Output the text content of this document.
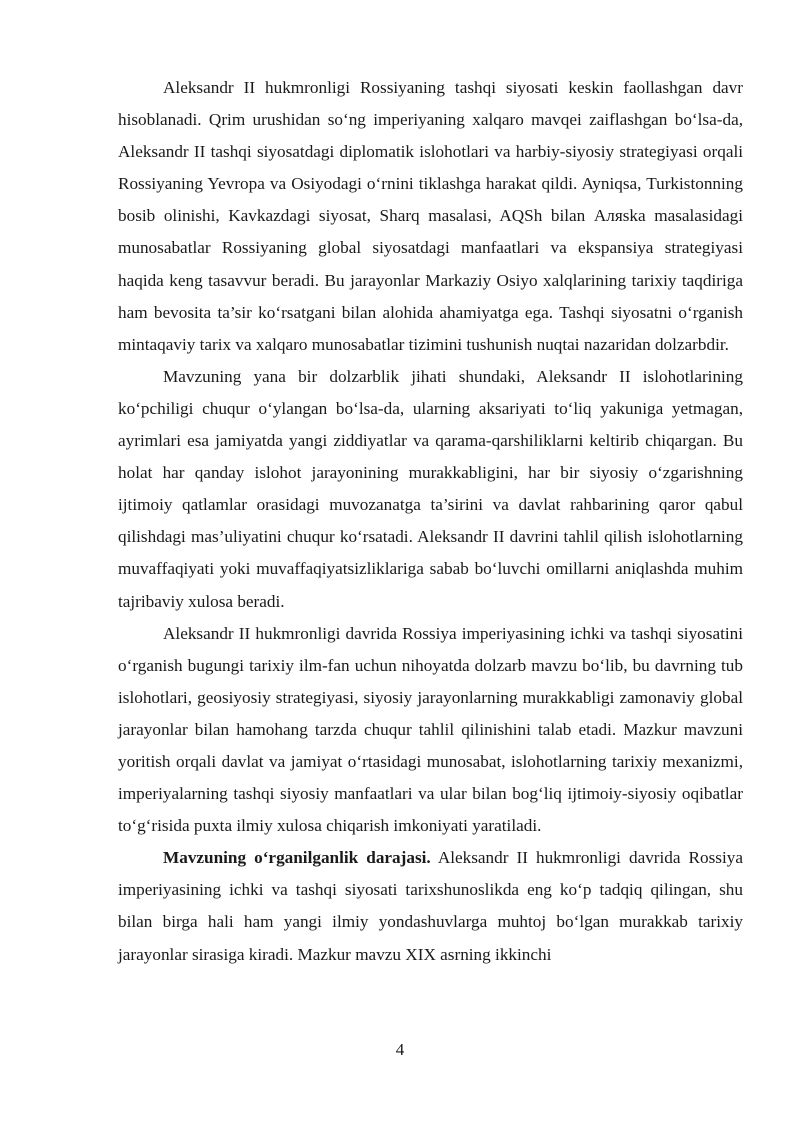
Aleksandr II hukmronligi Rossiyaning tashqi siyosati keskin faollashgan davr hisoblanadi. Qrim urushidan so‘ng imperiyaning xalqaro mavqei zaiflashgan bo‘lsa-da, Aleksandr II tashqi siyosatdagi diplomatik islohotlari va harbiy-siyosiy strategiyasi orqali Rossiyaning Yevropa va Osiyodagi o‘rnini tiklashga harakat qildi. Ayniqsa, Turkistonning bosib olinishi, Kavkazdagi siyosat, Sharq masalasi, AQSh bilan Аляska masalasidagi munosabatlar Rossiyaning global siyosatdagi manfaatlari va ekspansiya strategiyasi haqida keng tasavvur beradi. Bu jarayonlar Markaziy Osiyo xalqlarining tarixiy taqdiriga ham bevosita ta’sir ko‘rsatgani bilan alohida ahamiyatga ega. Tashqi siyosatni o‘rganish mintaqaviy tarix va xalqaro munosabatlar tizimini tushunish nuqtai nazaridan dolzarbdir.

Mavzuning yana bir dolzarblik jihati shundaki, Aleksandr II islohotlarining ko‘pchiligi chuqur o‘ylangan bo‘lsa-da, ularning aksariyati to‘liq yakuniga yetmagan, ayrimlari esa jamiyatda yangi ziddiyatlar va qarama-qarshiliklarni keltirib chiqargan. Bu holat har qanday islohot jarayonining murakkabligini, har bir siyosiy o‘zgarishning ijtimoiy qatlamlar orasidagi muvozanatga ta’sirini va davlat rahbarining qaror qabul qilishdagi mas’uliyatini chuqur ko‘rsatadi. Aleksandr II davrini tahlil qilish islohotlarning muvaffaqiyati yoki muvaffaqiyatsizliklariga sabab bo‘luvchi omillarni aniqlashda muhim tajribaviy xulosa beradi.

Aleksandr II hukmronligi davrida Rossiya imperiyasining ichki va tashqi siyosatini o‘rganish bugungi tarixiy ilm-fan uchun nihoyatda dolzarb mavzu bo‘lib, bu davrning tub islohotlari, geosiyosiy strategiyasi, siyosiy jarayonlarning murakkabligi zamonaviy global jarayonlar bilan hamohang tarzda chuqur tahlil qilinishini talab etadi. Mazkur mavzuni yoritish orqali davlat va jamiyat o‘rtasidagi munosabat, islohotlarning tarixiy mexanizmi, imperiyalarning tashqi siyosiy manfaatlari va ular bilan bog‘liq ijtimoiy-siyosiy oqibatlar to‘g‘risida puxta ilmiy xulosa chiqarish imkoniyati yaratiladi.

Mavzuning o‘rganilganlik darajasi. Aleksandr II hukmronligi davrida Rossiya imperiyasining ichki va tashqi siyosati tarixshunoslikda eng ko‘p tadqiq qilingan, shu bilan birga hali ham yangi ilmiy yondashuvlarga muhtoj bo‘lgan murakkab tarixiy jarayonlar sirasiga kiradi. Mazkur mavzu XIX asrning ikkinchi

4
